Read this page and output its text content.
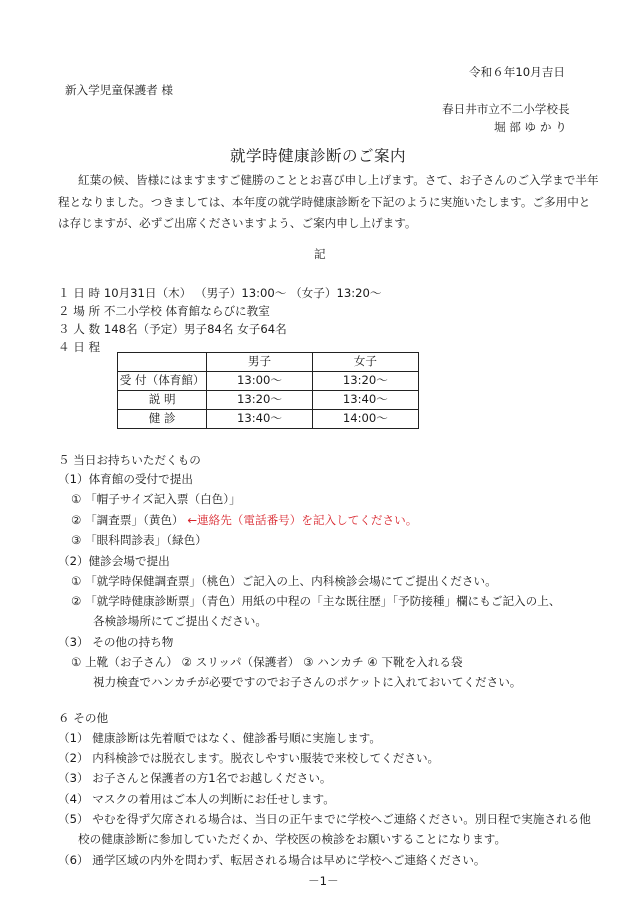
令和６年10月吉日
新入学児童保護者 様
春日井市立不二小学校長
堀 部 ゆ か り
就学時健康診断のご案内
紅葉の候、皆様にはますますご健勝のこととお喜び申し上げます。さて、お子さんのご入学まで半年
程となりました。つきましては、本年度の就学時健康診断を下記のように実施いたします。ご多用中と
は存じますが、必ずご出席くださいますよう、ご案内申し上げます。
記
１ 日 時 10月31日（木） （男子）13:00～ （女子）13:20～
２ 場 所 不二小学校 体育館ならびに教室
３ 人 数 148名（予定）男子84名 女子64名
４ 日 程
	男子	女子
受 付（体育館）	13:00～	13:20～
説 明	13:20～	13:40～
健 診	13:40～	14:00～
５ 当日お持ちいただくもの
（1）体育館の受付で提出
① 「帽子サイズ記入票（白色）」
② 「調査票」（黄色） ←連絡先（電話番号）を記入してください。
③ 「眼科問診表」（緑色）
（2）健診会場で提出
① 「就学時保健調査票」（桃色）ご記入の上、内科検診会場にてご提出ください。
② 「就学時健康診断票」（青色）用紙の中程の「主な既往歴」「予防接種」欄にもご記入の上、
各検診場所にてご提出ください。
（3） その他の持ち物
① 上靴（お子さん） ② スリッパ（保護者） ③ ハンカチ ④ 下靴を入れる袋
視力検査でハンカチが必要ですのでお子さんのポケットに入れておいてください。
６ その他
（1） 健康診断は先着順ではなく、健診番号順に実施します。
（2） 内科検診では脱衣します。脱衣しやすい服装で来校してください。
（3） お子さんと保護者の方1名でお越しください。
（4） マスクの着用はご本人の判断にお任せします。
（5） やむを得ず欠席される場合は、当日の正午までに学校へご連絡ください。別日程で実施される他
校の健康診断に参加していただくか、学校医の検診をお願いすることになります。
（6） 通学区域の内外を問わず、転居される場合は早めに学校へご連絡ください。
－1－
